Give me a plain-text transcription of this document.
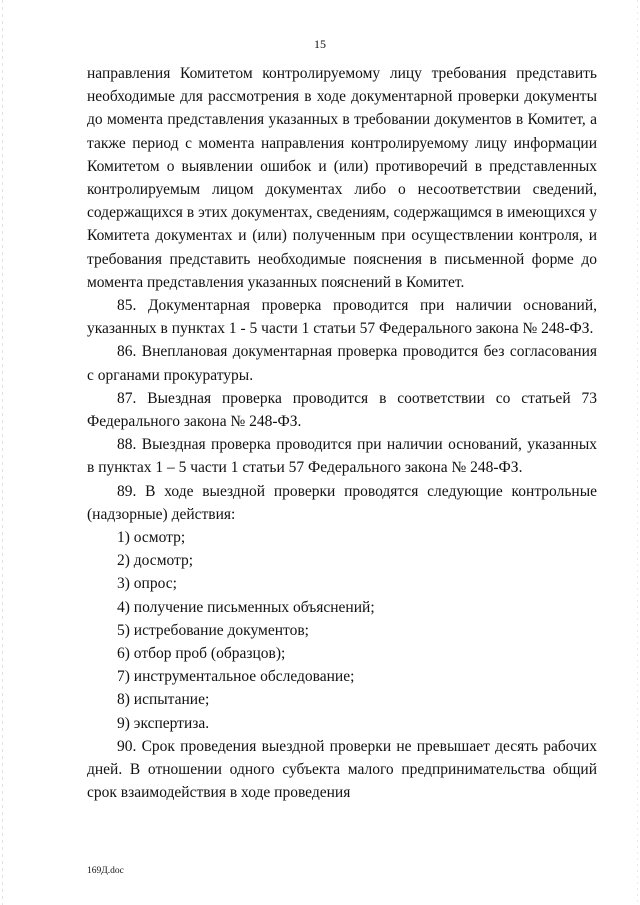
15

направления Комитетом контролируемому лицу требования представить необходимые для рассмотрения в ходе документарной проверки документы до момента представления указанных в требовании документов в Комитет, а также период с момента направления контролируемому лицу информации Комитетом о выявлении ошибок и (или) противоречий в представленных контролируемым лицом документах либо о несоответствии сведений, содержащихся в этих документах, сведениям, содержащимся в имеющихся у Комитета документах и (или) полученным при осуществлении контроля, и требования представить необходимые пояснения в письменной форме до момента представления указанных пояснений в Комитет.

85. Документарная проверка проводится при наличии оснований, указанных в пунктах 1 - 5 части 1 статьи 57 Федерального закона № 248-ФЗ.

86. Внеплановая документарная проверка проводится без согласования с органами прокуратуры.

87. Выездная проверка проводится в соответствии со статьей 73 Федерального закона № 248-ФЗ.

88. Выездная проверка проводится при наличии оснований, указанных в пунктах 1 – 5 части 1 статьи 57 Федерального закона № 248-ФЗ.

89. В ходе выездной проверки проводятся следующие контрольные (надзорные) действия:

1) осмотр;

2) досмотр;

3) опрос;

4) получение письменных объяснений;

5) истребование документов;

6) отбор проб (образцов);

7) инструментальное обследование;

8) испытание;

9) экспертиза.

90. Срок проведения выездной проверки не превышает десять рабочих дней. В отношении одного субъекта малого предпринимательства общий срок взаимодействия в ходе проведения

169Д.doc
